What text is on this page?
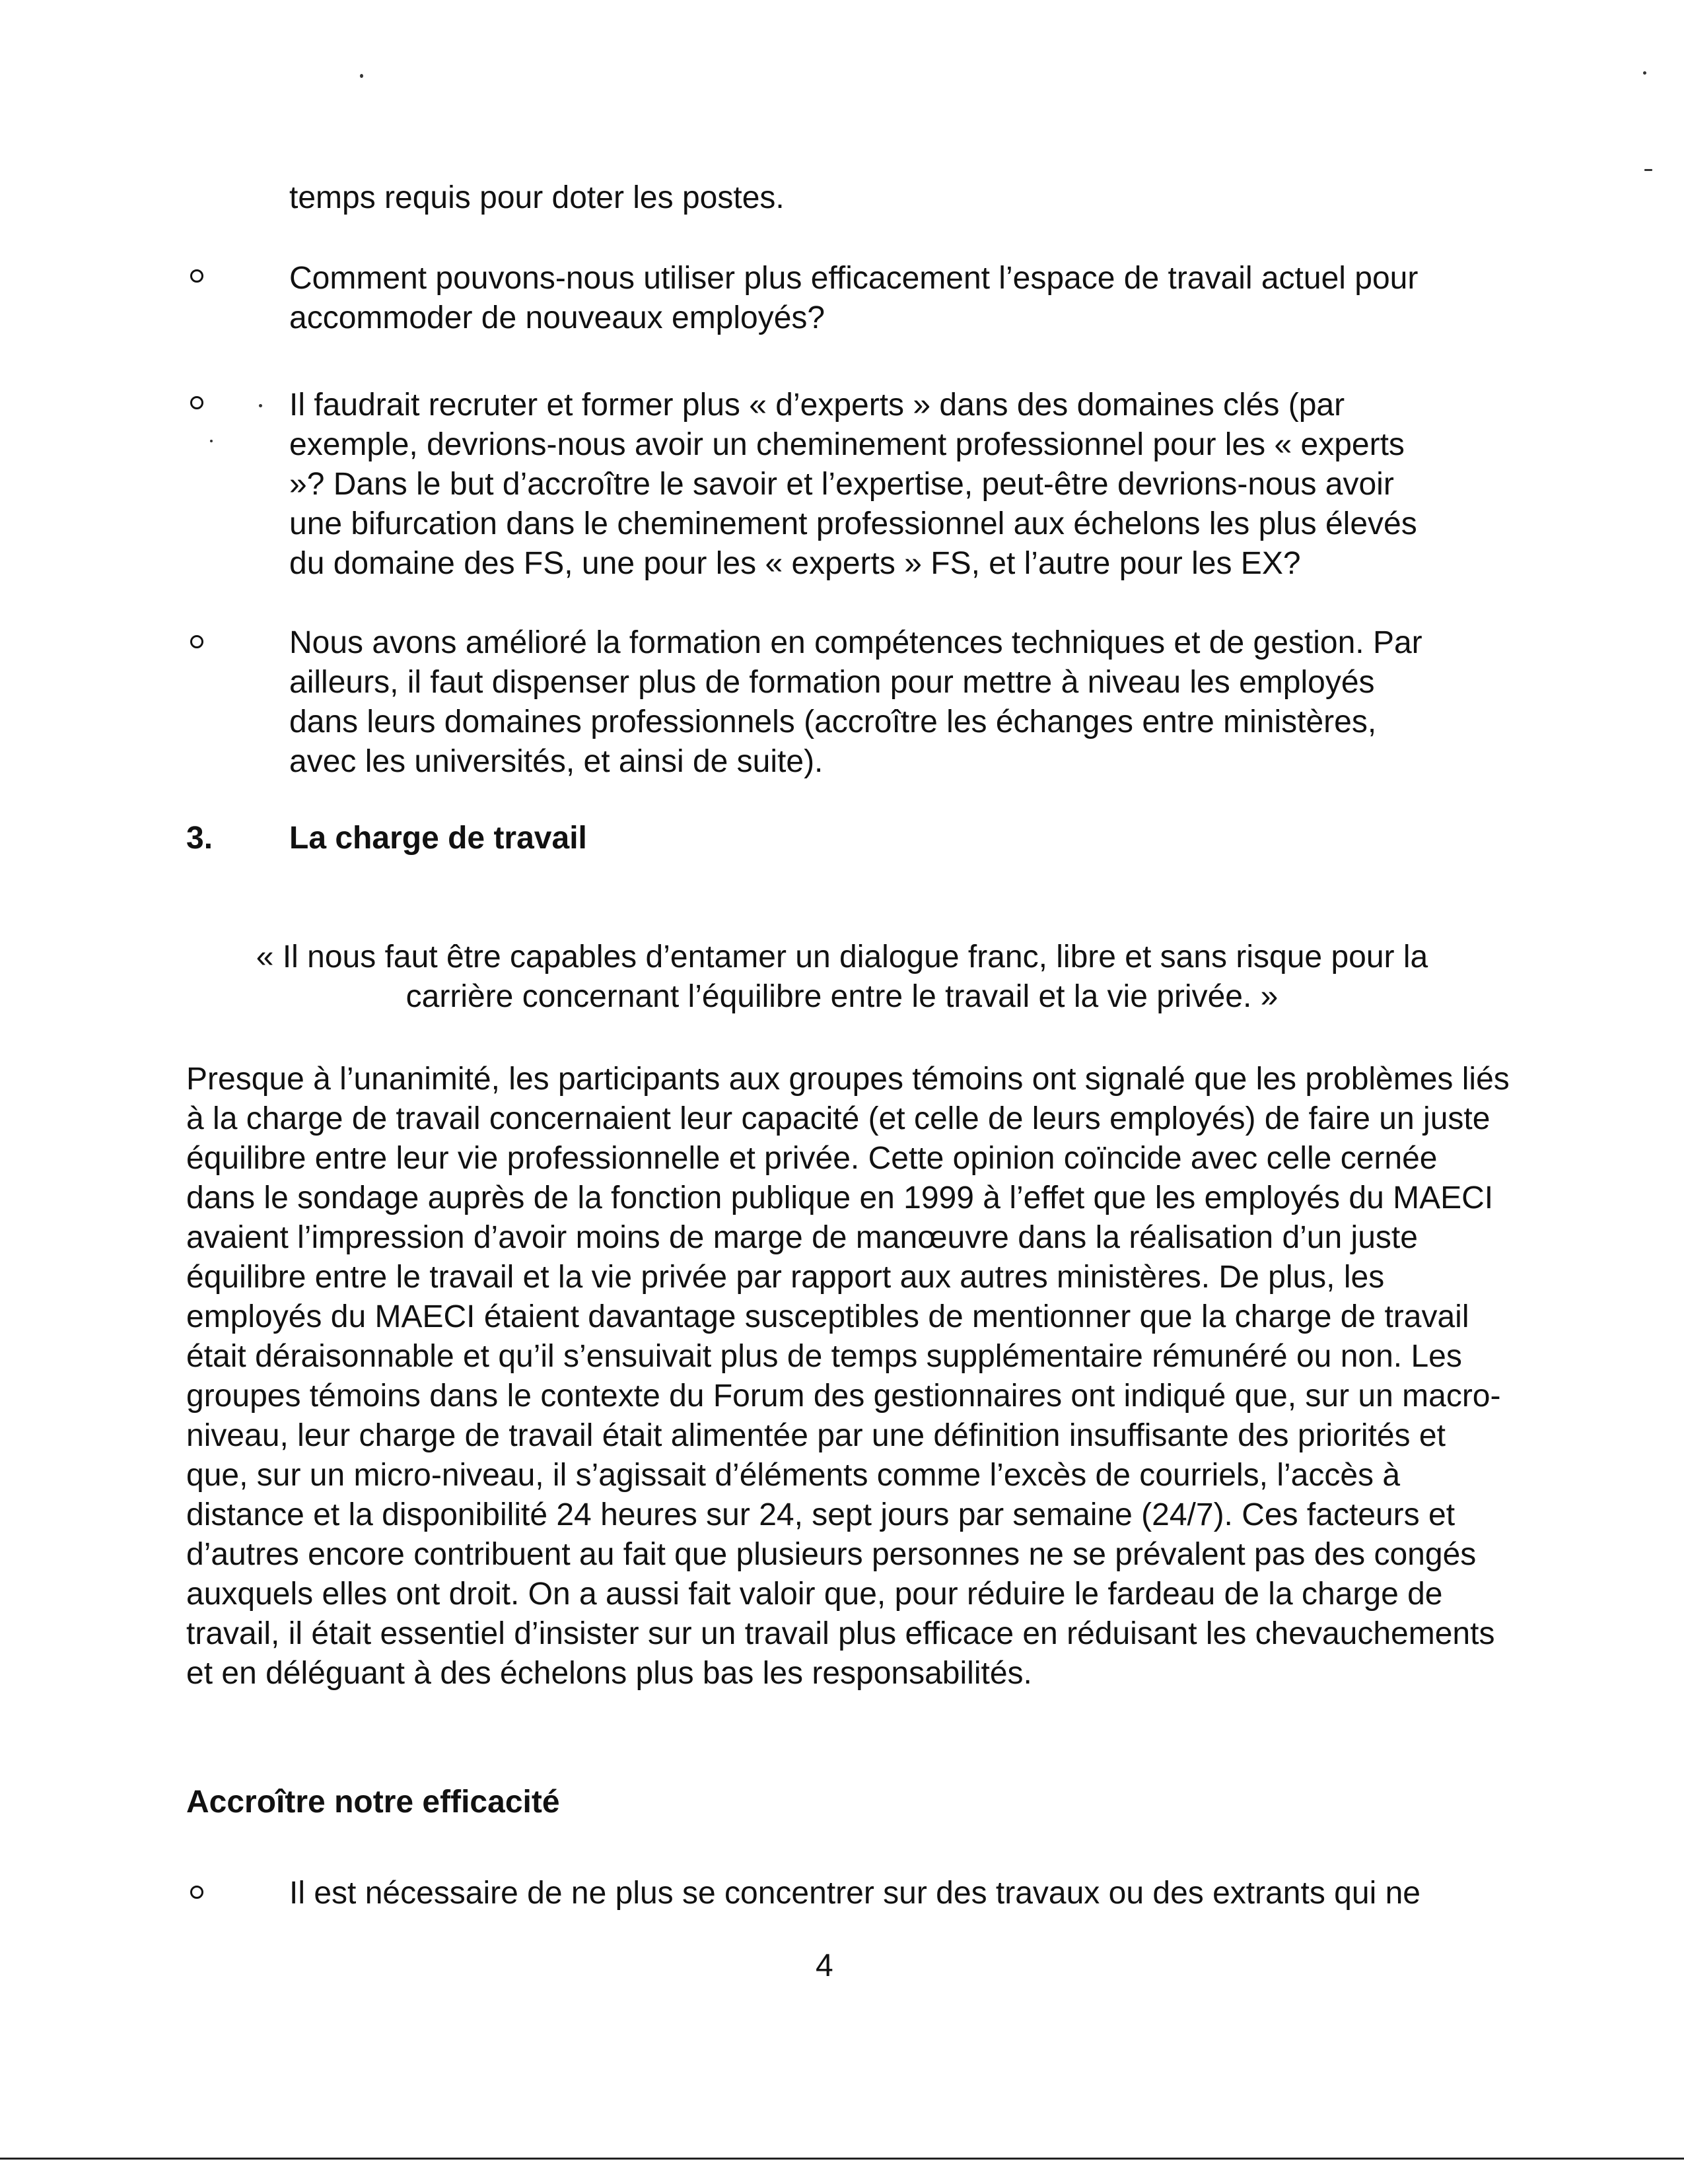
temps requis pour doter les postes.
Comment pouvons-nous utiliser plus efficacement l’espace de travail actuel pour
accommoder de nouveaux employés?
Il faudrait recruter et former plus « d’experts » dans des domaines clés (par
exemple, devrions-nous avoir un cheminement professionnel pour les « experts
»? Dans le but d’accroître le savoir et l’expertise, peut-être devrions-nous avoir
une bifurcation dans le cheminement professionnel aux échelons les plus élevés
du domaine des FS, une pour les « experts » FS, et l’autre pour les EX?
Nous avons amélioré la formation en compétences techniques et de gestion. Par
ailleurs, il faut dispenser plus de formation pour mettre à niveau les employés
dans leurs domaines professionnels (accroître les échanges entre ministères,
avec les universités, et ainsi de suite).
3. La charge de travail
« Il nous faut être capables d’entamer un dialogue franc, libre et sans risque pour la
carrière concernant l’équilibre entre le travail et la vie privée. »
Presque à l’unanimité, les participants aux groupes témoins ont signalé que les problèmes liés à la charge de travail concernaient leur capacité (et celle de leurs employés) de faire un juste équilibre entre leur vie professionnelle et privée. Cette opinion coïncide avec celle cernée dans le sondage auprès de la fonction publique en 1999 à l’effet que les employés du MAECI avaient l’impression d’avoir moins de marge de manœuvre dans la réalisation d’un juste équilibre entre le travail et la vie privée par rapport aux autres ministères. De plus, les employés du MAECI étaient davantage susceptibles de mentionner que la charge de travail était déraisonnable et qu’il s’ensuivait plus de temps supplémentaire rémunéré ou non. Les groupes témoins dans le contexte du Forum des gestionnaires ont indiqué que, sur un macro-niveau, leur charge de travail était alimentée par une définition insuffisante des priorités et que, sur un micro-niveau, il s’agissait d’éléments comme l’excès de courriels, l’accès à distance et la disponibilité 24 heures sur 24, sept jours par semaine (24/7). Ces facteurs et d’autres encore contribuent au fait que plusieurs personnes ne se prévalent pas des congés auxquels elles ont droit. On a aussi fait valoir que, pour réduire le fardeau de la charge de travail, il était essentiel d’insister sur un travail plus efficace en réduisant les chevauchements et en déléguant à des échelons plus bas les responsabilités.
Accroître notre efficacité
Il est nécessaire de ne plus se concentrer sur des travaux ou des extrants qui ne
4
